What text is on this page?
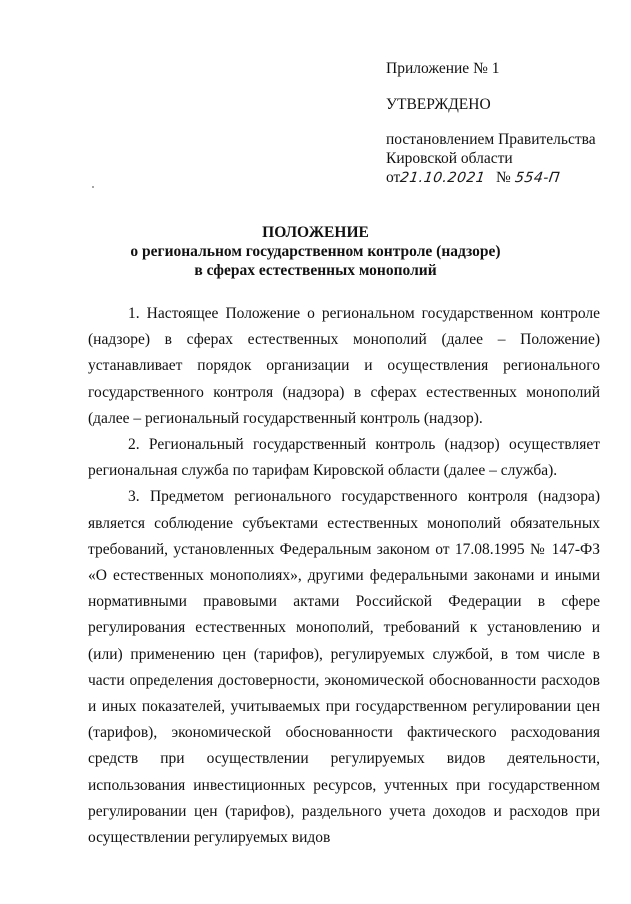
Приложение № 1
УТВЕРЖДЕНО
постановлением Правительства
Кировской области
от21.10.2021 № 554-П
ПОЛОЖЕНИЕ
о региональном государственном контроле (надзоре)
в сферах естественных монополий

1. Настоящее Положение о региональном государственном контроле (надзоре) в сферах естественных монополий (далее – Положение) устанавливает порядок организации и осуществления регионального государственного контроля (надзора) в сферах естественных монополий (далее – региональный государственный контроль (надзор).

2. Региональный государственный контроль (надзор) осуществляет региональная служба по тарифам Кировской области (далее – служба).

3. Предметом регионального государственного контроля (надзора) является соблюдение субъектами естественных монополий обязательных требований, установленных Федеральным законом от 17.08.1995 № 147-ФЗ «О естественных монополиях», другими федеральными законами и иными нормативными правовыми актами Российской Федерации в сфере регулирования естественных монополий, требований к установлению и (или) применению цен (тарифов), регулируемых службой, в том числе в части определения достоверности, экономической обоснованности расходов и иных показателей, учитываемых при государственном регулировании цен (тарифов), экономической обоснованности фактического расходования средств при осуществлении регулируемых видов деятельности, использования инвестиционных ресурсов, учтенных при государственном регулировании цен (тарифов), раздельного учета доходов и расходов при осуществлении регулируемых видов
